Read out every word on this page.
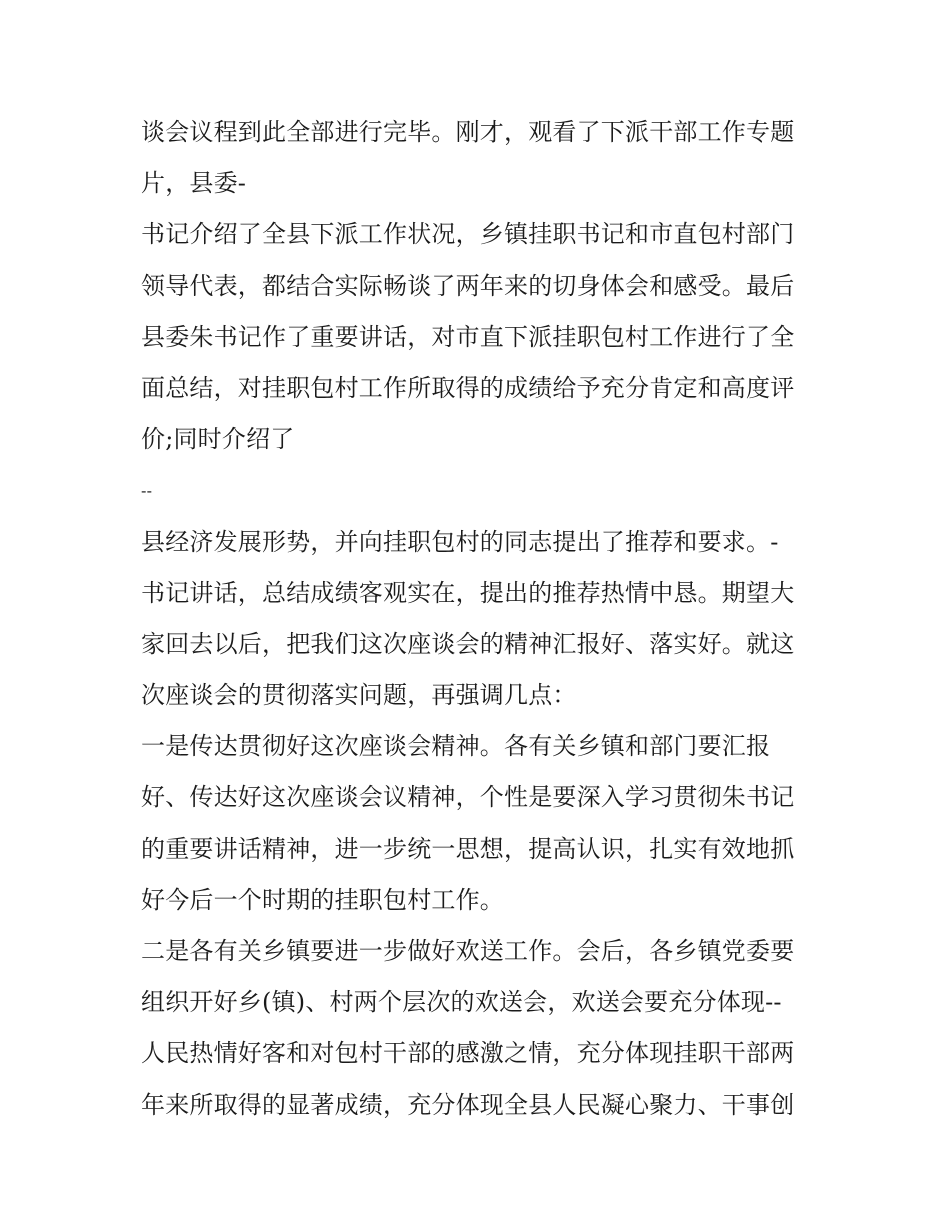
谈会议程到此全部进行完毕。刚才，观看了下派干部工作专题
片，县委-
书记介绍了全县下派工作状况，乡镇挂职书记和市直包村部门
领导代表，都结合实际畅谈了两年来的切身体会和感受。最后
县委朱书记作了重要讲话，对市直下派挂职包村工作进行了全
面总结，对挂职包村工作所取得的成绩给予充分肯定和高度评
价;同时介绍了
--
县经济发展形势，并向挂职包村的同志提出了推荐和要求。-
书记讲话，总结成绩客观实在，提出的推荐热情中恳。期望大
家回去以后，把我们这次座谈会的精神汇报好、落实好。就这
次座谈会的贯彻落实问题，再强调几点：
一是传达贯彻好这次座谈会精神。各有关乡镇和部门要汇报
好、传达好这次座谈会议精神，个性是要深入学习贯彻朱书记
的重要讲话精神，进一步统一思想，提高认识，扎实有效地抓
好今后一个时期的挂职包村工作。
二是各有关乡镇要进一步做好欢送工作。会后，各乡镇党委要
组织开好乡(镇)、村两个层次的欢送会，欢送会要充分体现--
人民热情好客和对包村干部的感激之情，充分体现挂职干部两
年来所取得的显著成绩，充分体现全县人民凝心聚力、干事创
